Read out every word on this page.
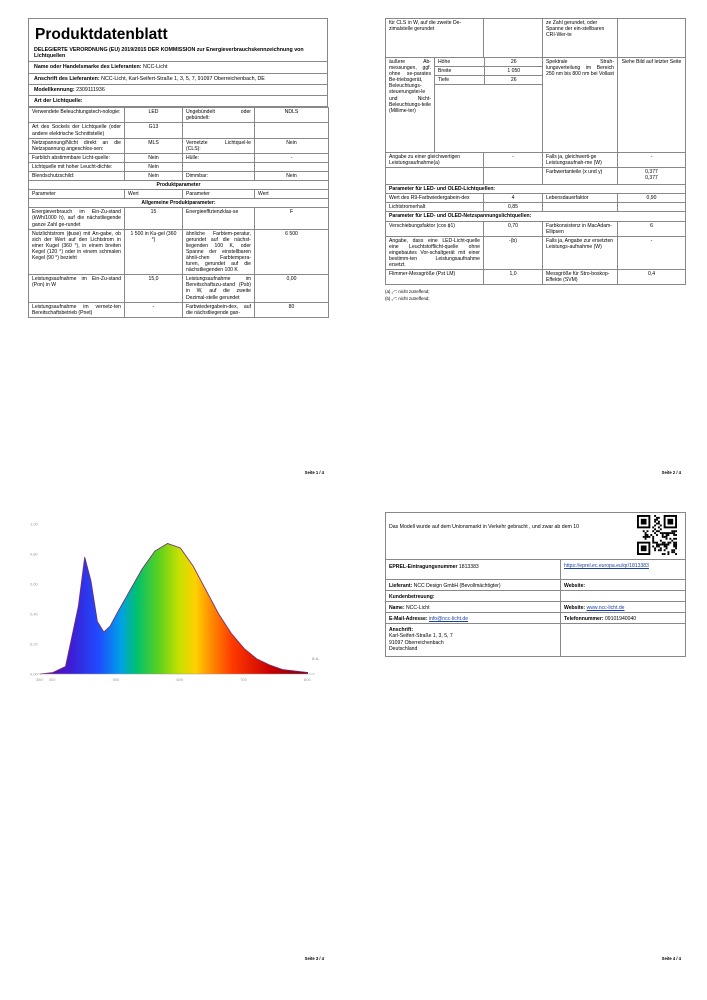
Produktdatenblatt
DELEGIERTE VERORDNUNG (EU) 2019/2015 DER KOMMISSION zur Energieverbrauchskennzeichnung von Lichtquellen
Name oder Handelsmarke des Lieferanten: NCC-Licht
Anschrift des Lieferanten: NCC-Licht, Karl-Seifert-Straße 1, 3, 5, 7, 91097 Oberreichenbach, DE
Modellkennung: 2309111936
Art der Lichtquelle:
Verwendete Beleuchtungstech-nologie:	LED	Ungebündelt oder gebündelt:	NDLS
Art des Sockels der Lichtquelle (oder andere elektrische Schnittstelle)	G13		
Netzspannung/Nicht direkt an die Netzspannung angeschlos-sen:	MLS	Vernetzte Lichtquel-le (CLS):	Nein
Farblich abstimmbare Licht-quelle:	Nein	Hülle:	-
Lichtquelle mit hoher Leucht-dichte:	Nein		
Blendschutzschild:	Nein	Dimmbar:	Nein
Produktparameter			
Parameter	Wert	Parameter	Wert
Allgemeine Produktparameter:			
Energieverbrauch im Ein-Zu-stand (kWh/1000 h), auf die nächstliegende ganze Zahl ge-rundet	15	Energieeffizienzklas-se	F
Nutzlichtstrom (ϕuse) mit An-gabe, ob sich der Wert auf den Lichtstrom in einer Kugel (360 °), in einem breiten Kegel (120 °) oder in einem schmalen Kegel (90 °) bezieht	1 500 in Ku-gel (360 °)	ähnliche Farbtem-peratur, gerundet auf die nächst-liegenden 100 K, oder Spanne der einstellbaren ähnli-chen Farbtempera-turen, gerundet auf die nächstliegenden 100 K	6 500
Leistungsaufnahme im Ein-Zu-stand (Pon) in W	15,0	Leistungsaufnahme im Bereitschaftszu-stand (Psb) in W, auf die zweite Dezimal-stelle gerundet	0,00
Leistungsaufnahme im vernetz-ten Bereitschaftsbetrieb (Pnet)	-	Farbwiedergabein-dex, auf die nächstliegende gan-	80
Seite 1 / 4
für CLS in W, auf die zweite De-zimalstelle gerundet		ze Zahl gerundet, oder Spanne der ein-stellbaren CRI-Wer-te	
äußere Ab-messungen, ggf. ohne se-parates Be-triebsgerät, Beleuchtungs-steuerungstei-le und Nicht-Beleuchtungs-teile (Millime-ter)	
Höhe	26
Breite	1 050
Tiefe	26
	Spektrale Strah-lungsverteilung im Bereich 250 nm bis 800 nm bei Vollast	Siehe Bild auf letzter Seite
Angabe zu einer gleichwertigen Leistungsaufnahme(a)	-	Falls ja, gleichwerti-ge Leistungsaufnah-me (W)	-
		Farbwertanteile (x und y)	0,377
0,377

Parameter für LED- und OLED-Lichtquellen:
Wert des R9-Farbwiedergabein-dex	4	Lebensdauerfaktor	0,90
Lichtstromerhalt	0,85		
Parameter für LED- und OLED-Netzspannungslichtquellen:
Verschiebungsfaktor (cos ϕ1)	0,70	Farbkonsistenz in MacAdam-Ellipsen	6
Angabe, dass eine LED-Licht-quelle eine Leuchtstofflicht-quelle ohne eingebautes Vor-schaltgerät mit einer bestimm-ten Leistungsaufnahme ersetzt.	-(b)	Falls ja, Angabe zur ersetzten Leistungs-aufnahme (W)	-
Flimmer-Messgröße (Pst LM)	1,0	Messgröße für Stro-boskop-Effekte (SVM)	0,4
(a) „-“: nicht zutreffend;
(b) „-“: nicht zutreffend;
Seite 2 / 4
1,00
0,80
0,60
0,40
0,20
0,00
380 400	500	600	700	800
a.u.
Seite 3 / 4
Das Modell wurde auf dem Unionsmarkt in Verkehr gebracht , und zwar ab dem 10	

EPREL-Eintragungsnummer 1813383	https://eprel.ec.europa.eu/qr/1813383
Lieferant: NCC Design GmbH (Bevollmächtigter)	Website:
Kundenbetreuung:	
Name: NCC-Licht	Website: www.ncc-licht.de
E-Mail-Adresse: info@ncc-licht.de	Telefonnummer: 09101940040

Anschrift:
Karl-Seifert-Straße 1, 3, 5, 7
91097 Oberreichenbach
Deutschland	

Seite 4 / 4
